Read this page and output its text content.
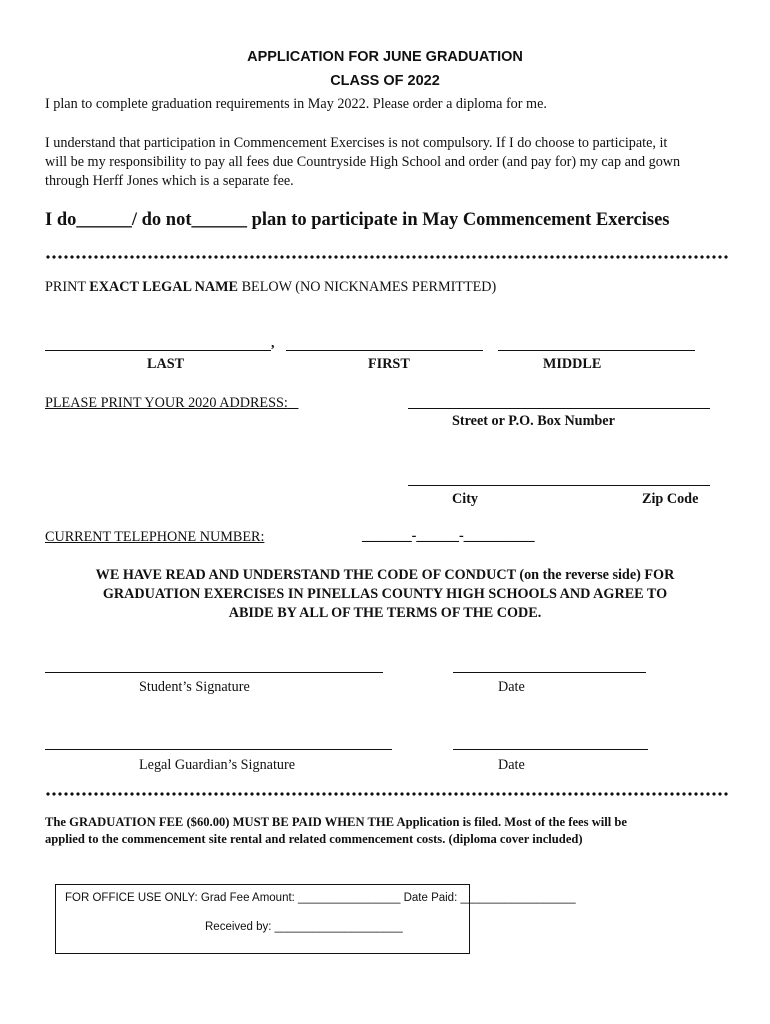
APPLICATION FOR JUNE GRADUATION
CLASS OF 2022
I plan to complete graduation requirements in May 2022. Please order a diploma for me.
I understand that participation in Commencement Exercises is not compulsory. If I do choose to participate, it
will be my responsibility to pay all fees due Countryside High School and order (and pay for) my cap and gown
through Herff Jones which is a separate fee.
I do______/ do not______ plan to participate in May Commencement Exercises
PRINT EXACT LEGAL NAME BELOW (NO NICKNAMES PERMITTED)
,
LAST	FIRST	MIDDLE
PLEASE PRINT YOUR 2020 ADDRESS:
Street or P.O. Box Number
City	Zip Code
CURRENT TELEPHONE NUMBER:	_______-______-__________
WE HAVE READ AND UNDERSTAND THE CODE OF CONDUCT (on the reverse side) FOR
GRADUATION EXERCISES IN PINELLAS COUNTY HIGH SCHOOLS AND AGREE TO
ABIDE BY ALL OF THE TERMS OF THE CODE.
Student’s Signature	Date
Legal Guardian’s Signature	Date
The GRADUATION FEE ($60.00) MUST BE PAID WHEN THE Application is filed. Most of the fees will be
applied to the commencement site rental and related commencement costs. (diploma cover included)
FOR OFFICE USE ONLY: Grad Fee Amount: ________________ Date Paid: __________________
Received by: ____________________
